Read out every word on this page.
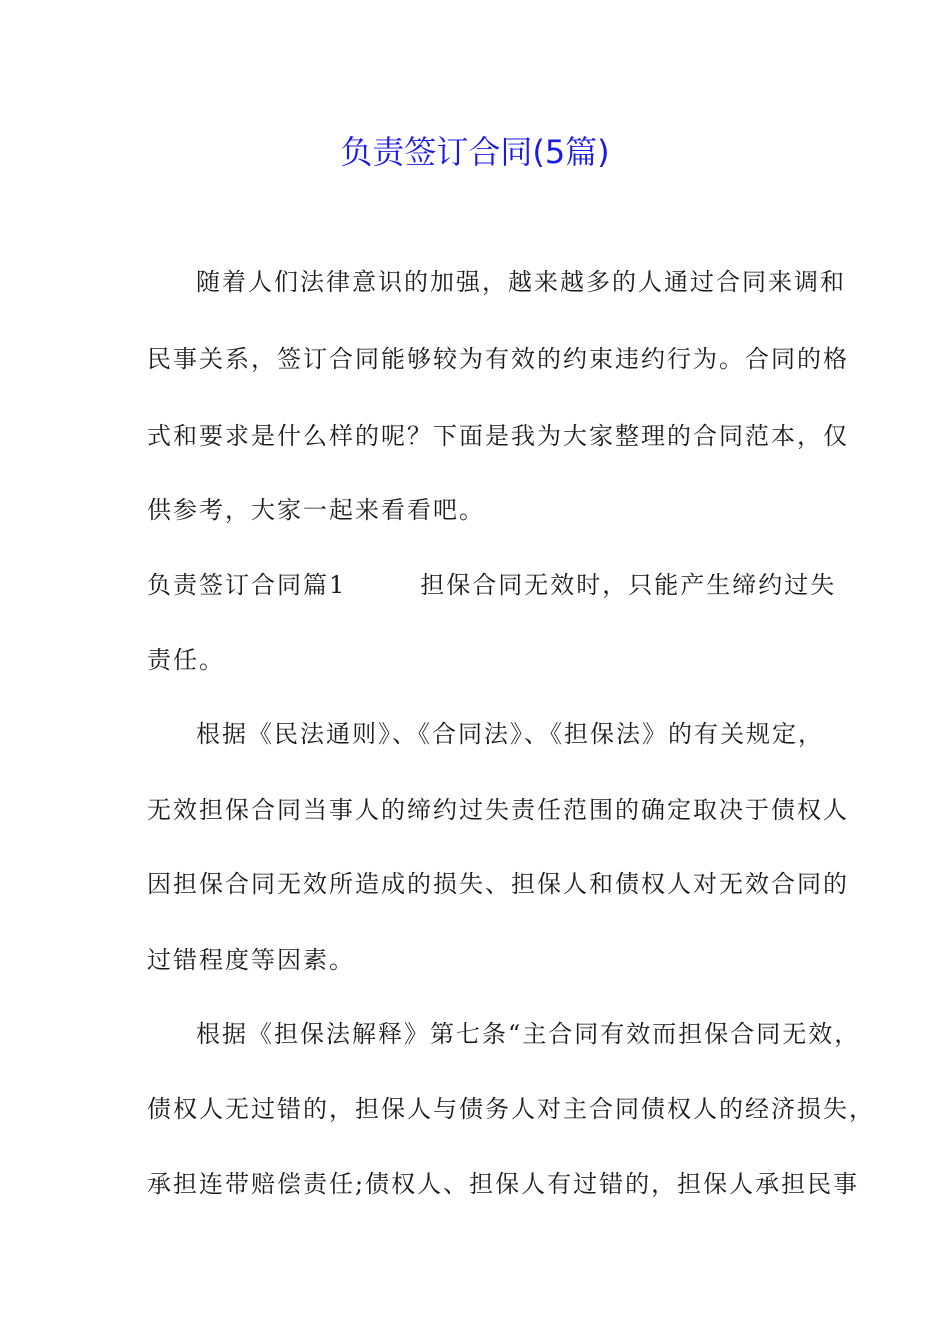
负责签订合同(5篇)

随着人们法律意识的加强，越来越多的人通过合同来调和

民事关系，签订合同能够较为有效的约束违约行为。合同的格

式和要求是什么样的呢？下面是我为大家整理的合同范本，仅

供参考，大家一起来看看吧。

负责签订合同篇1	担保合同无效时，只能产生缔约过失

责任。

根据《民法通则》、《合同法》、《担保法》的有关规定，

无效担保合同当事人的缔约过失责任范围的确定取决于债权人

因担保合同无效所造成的损失、担保人和债权人对无效合同的

过错程度等因素。

根据《担保法解释》第七条“主合同有效而担保合同无效，

债权人无过错的，担保人与债务人对主合同债权人的经济损失，

承担连带赔偿责任;债权人、担保人有过错的，担保人承担民事
